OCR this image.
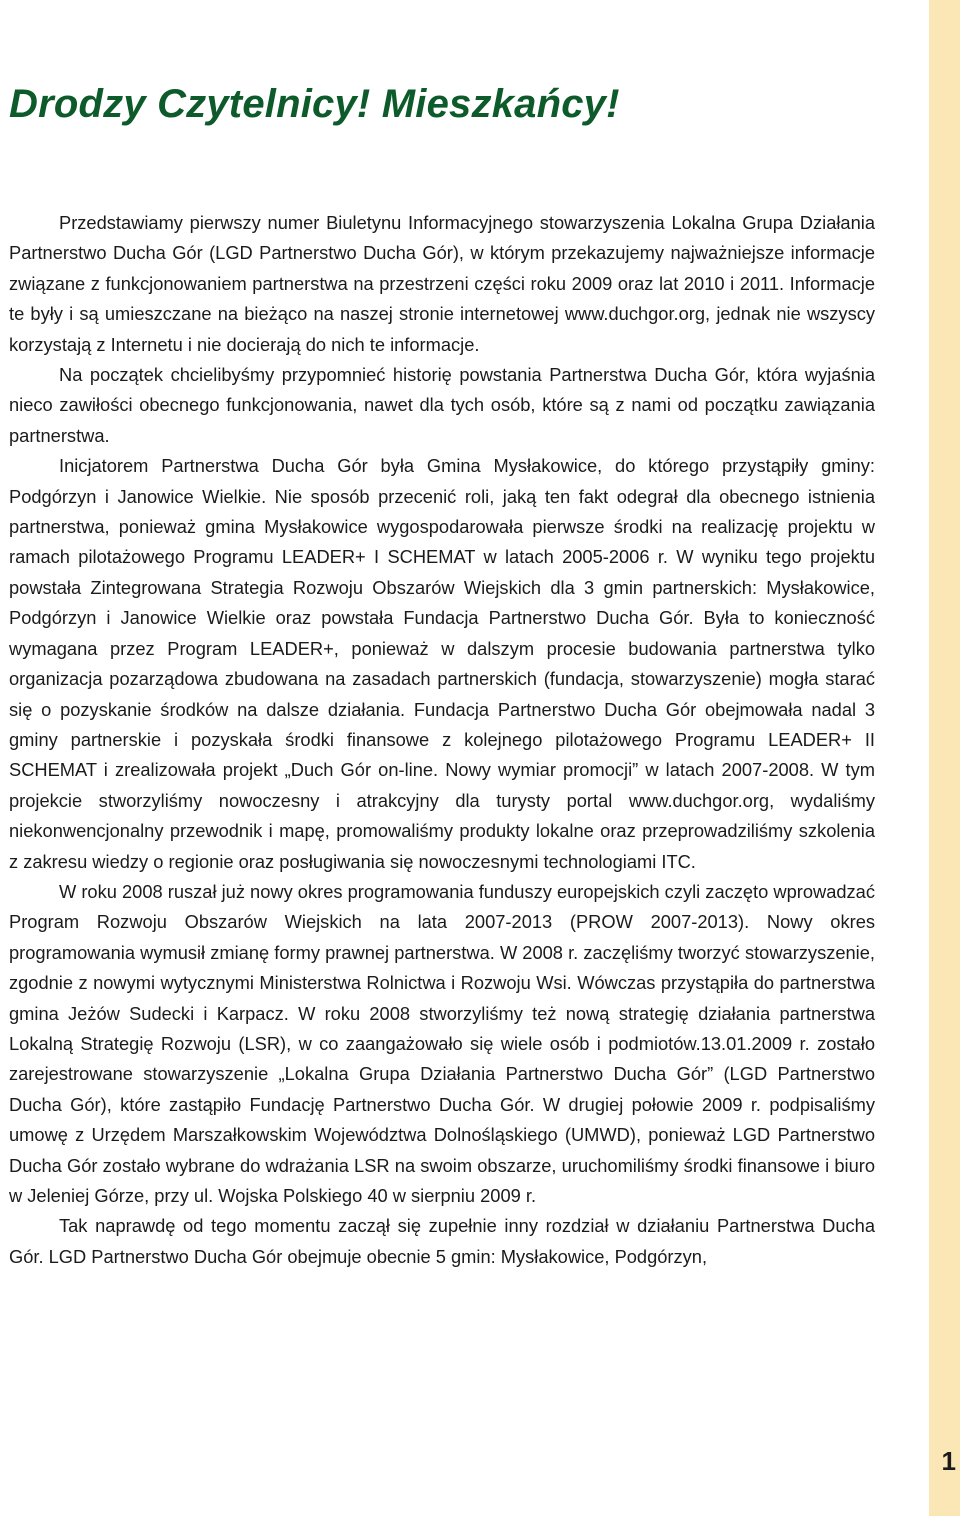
Drodzy Czytelnicy! Mieszkańcy!

Przedstawiamy pierwszy numer Biuletynu Informacyjnego stowarzyszenia Lokalna Grupa Działania Partnerstwo Ducha Gór (LGD Partnerstwo Ducha Gór), w którym przekazujemy najważniejsze informacje związane z funkcjonowaniem partnerstwa na przestrzeni części roku 2009 oraz lat 2010 i 2011. Informacje te były i są umieszczane na bieżąco na naszej stronie internetowej www.duchgor.org, jednak nie wszyscy korzystają z Internetu i nie docierają do nich te informacje.

Na początek chcielibyśmy przypomnieć historię powstania Partnerstwa Ducha Gór, która wyjaśnia nieco zawiłości obecnego funkcjonowania, nawet dla tych osób, które są z nami od początku zawiązania partnerstwa.

Inicjatorem Partnerstwa Ducha Gór była Gmina Mysłakowice, do którego przystąpiły gminy: Podgórzyn i Janowice Wielkie. Nie sposób przecenić roli, jaką ten fakt odegrał dla obecnego istnienia partnerstwa, ponieważ gmina Mysłakowice wygospodarowała pierwsze środki na realizację projektu w ramach pilotażowego Programu LEADER+ I SCHEMAT w latach 2005-2006 r. W wyniku tego projektu powstała Zintegrowana Strategia Rozwoju Obszarów Wiejskich dla 3 gmin partnerskich: Mysłakowice, Podgórzyn i Janowice Wielkie oraz powstała Fundacja Partnerstwo Ducha Gór. Była to konieczność wymagana przez Program LEADER+, ponieważ w dalszym procesie budowania partnerstwa tylko organizacja pozarządowa zbudowana na zasadach partnerskich (fundacja, stowarzyszenie) mogła starać się o pozyskanie środków na dalsze działania. Fundacja Partnerstwo Ducha Gór obejmowała nadal 3 gminy partnerskie i pozyskała środki finansowe z kolejnego pilotażowego Programu LEADER+ II SCHEMAT i zrealizowała projekt „Duch Gór on-line. Nowy wymiar promocji” w latach 2007-2008. W tym projekcie stworzyliśmy nowoczesny i atrakcyjny dla turysty portal www.duchgor.org, wydaliśmy niekonwencjonalny przewodnik i mapę, promowaliśmy produkty lokalne oraz przeprowadziliśmy szkolenia z zakresu wiedzy o regionie oraz posługiwania się nowoczesnymi technologiami ITC.

W roku 2008 ruszał już nowy okres programowania funduszy europejskich czyli zaczęto wprowadzać Program Rozwoju Obszarów Wiejskich na lata 2007-2013 (PROW 2007-2013). Nowy okres programowania wymusił zmianę formy prawnej partnerstwa. W 2008 r. zaczęliśmy tworzyć stowarzyszenie, zgodnie z nowymi wytycznymi Ministerstwa Rolnictwa i Rozwoju Wsi. Wówczas przystąpiła do partnerstwa gmina Jeżów Sudecki i Karpacz. W roku 2008 stworzyliśmy też nową strategię działania partnerstwa Lokalną Strategię Rozwoju (LSR), w co zaangażowało się wiele osób i podmiotów.13.01.2009 r. zostało zarejestrowane stowarzyszenie „Lokalna Grupa Działania Partnerstwo Ducha Gór” (LGD Partnerstwo Ducha Gór), które zastąpiło Fundację Partnerstwo Ducha Gór. W drugiej połowie 2009 r. podpisaliśmy umowę z Urzędem Marszałkowskim Województwa Dolnośląskiego (UMWD), ponieważ LGD Partnerstwo Ducha Gór zostało wybrane do wdrażania LSR na swoim obszarze, uruchomiliśmy środki finansowe i biuro w Jeleniej Górze, przy ul. Wojska Polskiego 40 w sierpniu 2009 r.

Tak naprawdę od tego momentu zaczął się zupełnie inny rozdział w działaniu Partnerstwa Ducha Gór. LGD Partnerstwo Ducha Gór obejmuje obecnie 5 gmin: Mysłakowice, Podgórzyn,

1
